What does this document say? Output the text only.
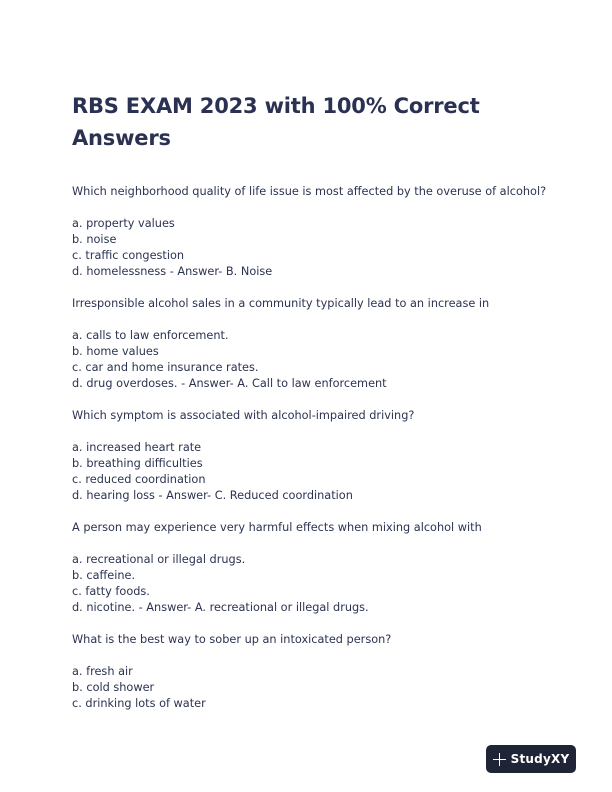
RBS EXAM 2023 with 100% Correct Answers
Which neighborhood quality of life issue is most affected by the overuse of alcohol?
a. property values
b. noise
c. traffic congestion
d. homelessness - Answer- B. Noise
Irresponsible alcohol sales in a community typically lead to an increase in
a. calls to law enforcement.
b. home values
c. car and home insurance rates.
d. drug overdoses. - Answer- A. Call to law enforcement
Which symptom is associated with alcohol-impaired driving?
a. increased heart rate
b. breathing difficulties
c. reduced coordination
d. hearing loss - Answer- C. Reduced coordination
A person may experience very harmful effects when mixing alcohol with
a. recreational or illegal drugs.
b. caffeine.
c. fatty foods.
d. nicotine. - Answer- A. recreational or illegal drugs.
What is the best way to sober up an intoxicated person?
a. fresh air
b. cold shower
c. drinking lots of water
StudyXY
